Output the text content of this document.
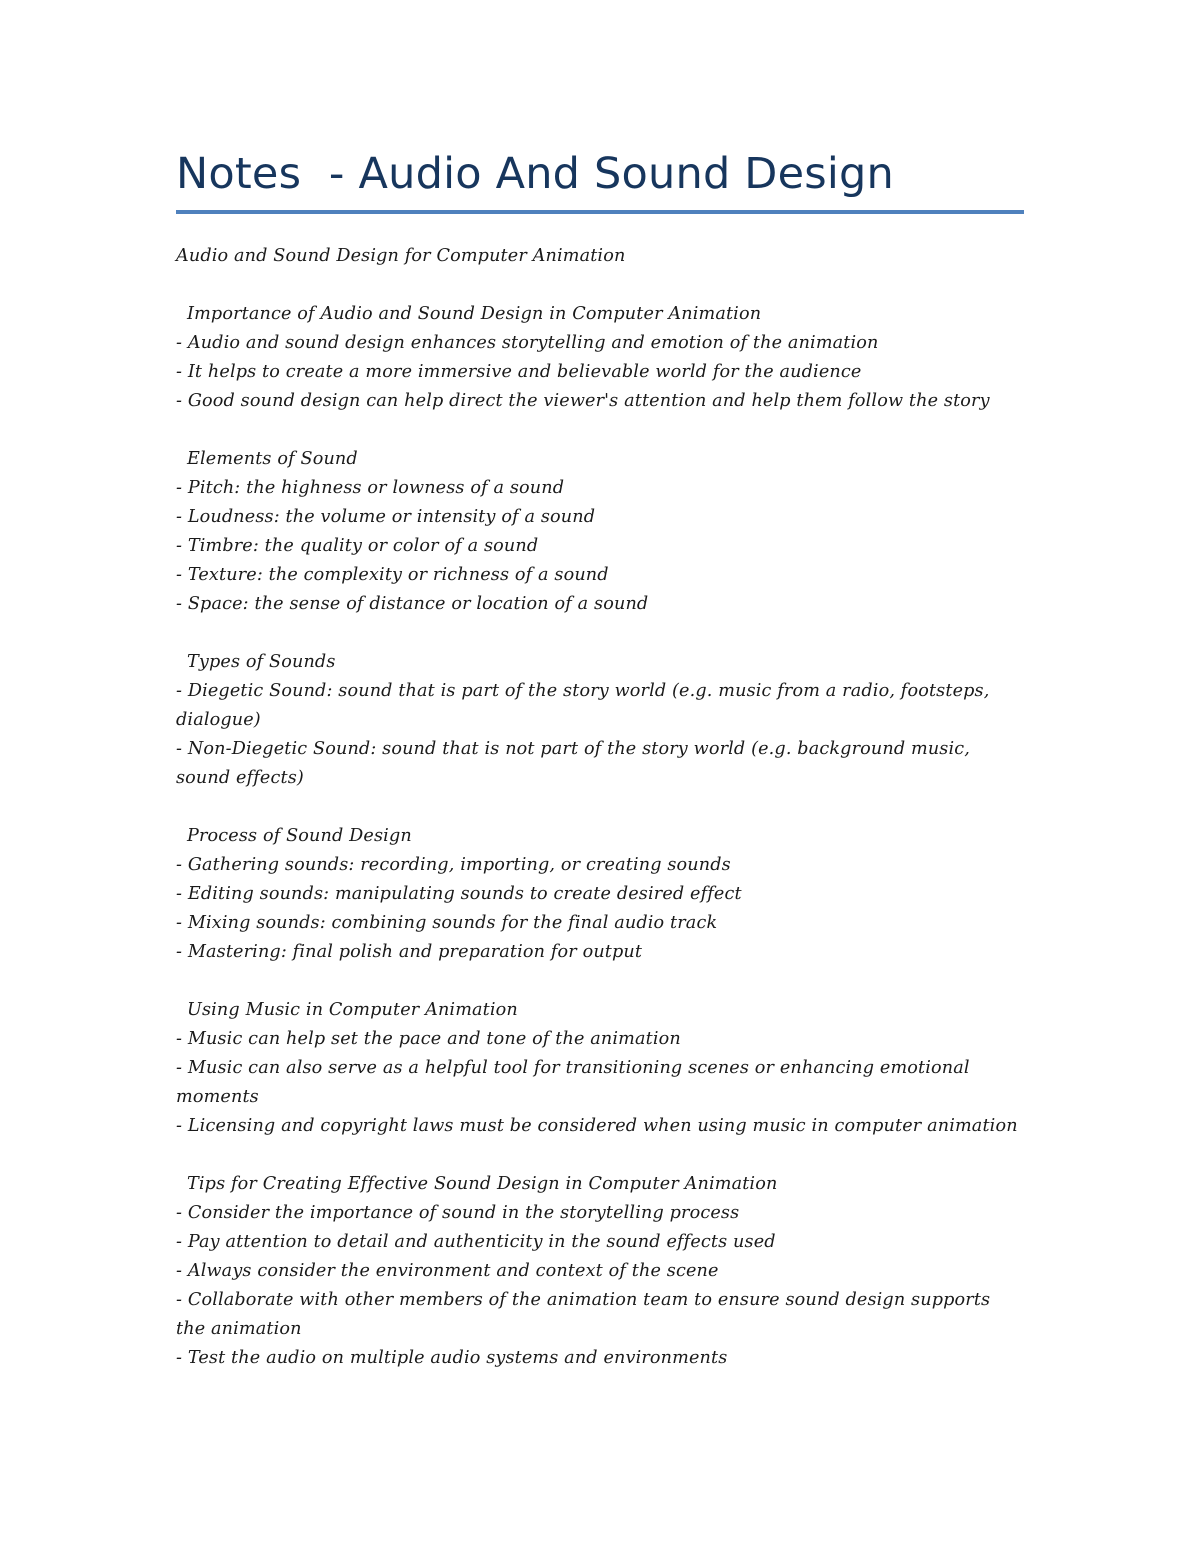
Notes  - Audio And Sound Design
Audio and Sound Design for Computer Animation
Importance of Audio and Sound Design in Computer Animation
- Audio and sound design enhances storytelling and emotion of the animation
- It helps to create a more immersive and believable world for the audience
- Good sound design can help direct the viewer's attention and help them follow the story
Elements of Sound
- Pitch: the highness or lowness of a sound
- Loudness: the volume or intensity of a sound
- Timbre: the quality or color of a sound
- Texture: the complexity or richness of a sound
- Space: the sense of distance or location of a sound
Types of Sounds
- Diegetic Sound: sound that is part of the story world (e.g. music from a radio, footsteps, dialogue)
- Non-Diegetic Sound: sound that is not part of the story world (e.g. background music, sound effects)
Process of Sound Design
- Gathering sounds: recording, importing, or creating sounds
- Editing sounds: manipulating sounds to create desired effect
- Mixing sounds: combining sounds for the final audio track
- Mastering: final polish and preparation for output
Using Music in Computer Animation
- Music can help set the pace and tone of the animation
- Music can also serve as a helpful tool for transitioning scenes or enhancing emotional moments
- Licensing and copyright laws must be considered when using music in computer animation
Tips for Creating Effective Sound Design in Computer Animation
- Consider the importance of sound in the storytelling process
- Pay attention to detail and authenticity in the sound effects used
- Always consider the environment and context of the scene
- Collaborate with other members of the animation team to ensure sound design supports the animation
- Test the audio on multiple audio systems and environments
